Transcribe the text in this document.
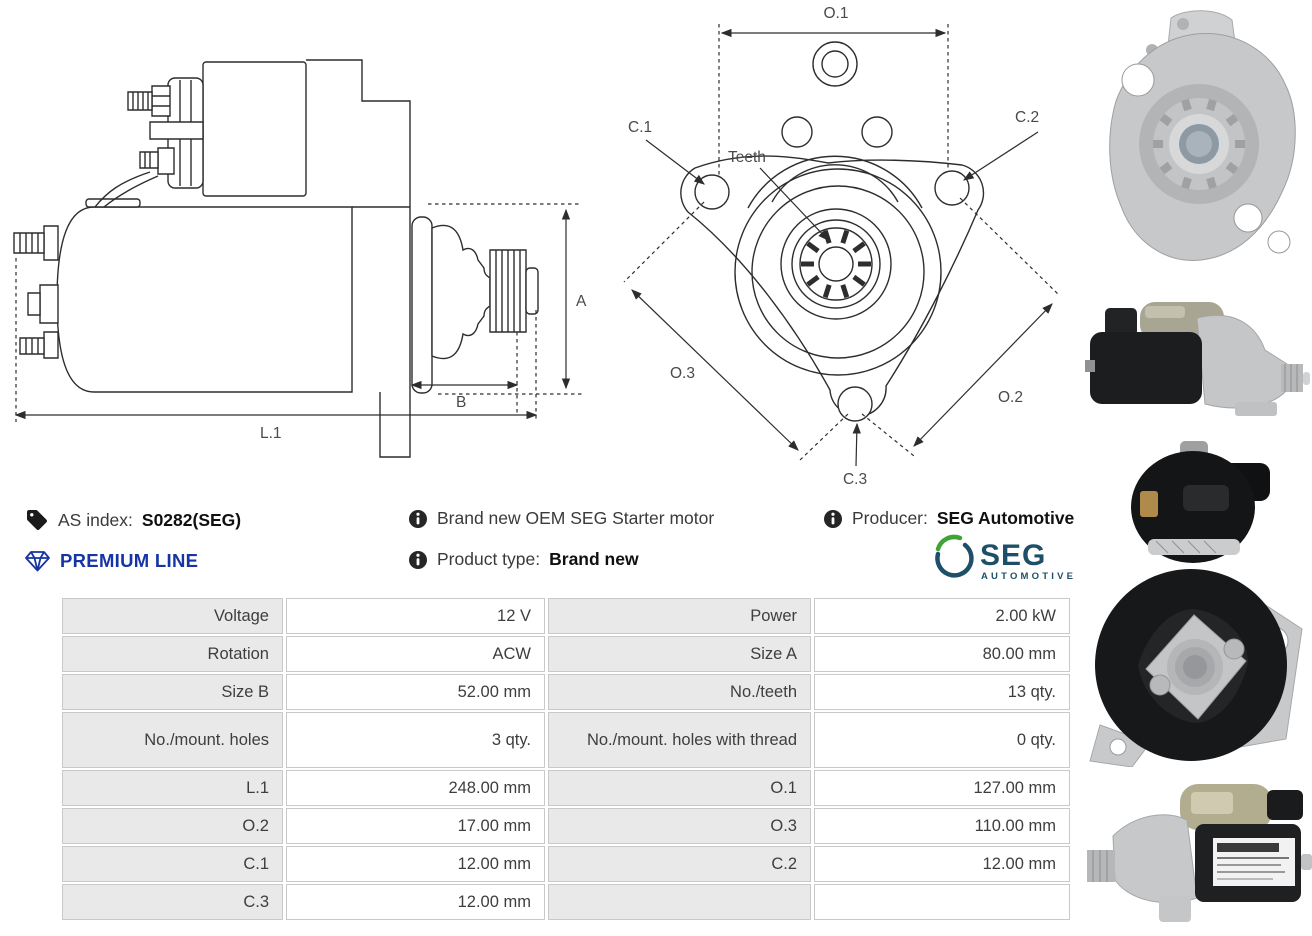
A
B
L.1
O.1
C.1
C.2
Teeth
O.3
O.2
C.3
AS index: S0282(SEG)
PREMIUM LINE
Brand new OEM SEG Starter motor
Product type: Brand new
Producer: SEG Automotive
SEG
AUTOMOTIVE
Voltage	12 V	Power	2.00 kW
Rotation	ACW	Size A	80.00 mm
Size B	52.00 mm	No./teeth	13 qty.
No./mount. holes	3 qty.	No./mount. holes with thread	0 qty.
L.1	248.00 mm	O.1	127.00 mm
O.2	17.00 mm	O.3	110.00 mm
C.1	12.00 mm	C.2	12.00 mm
C.3	12.00 mm
